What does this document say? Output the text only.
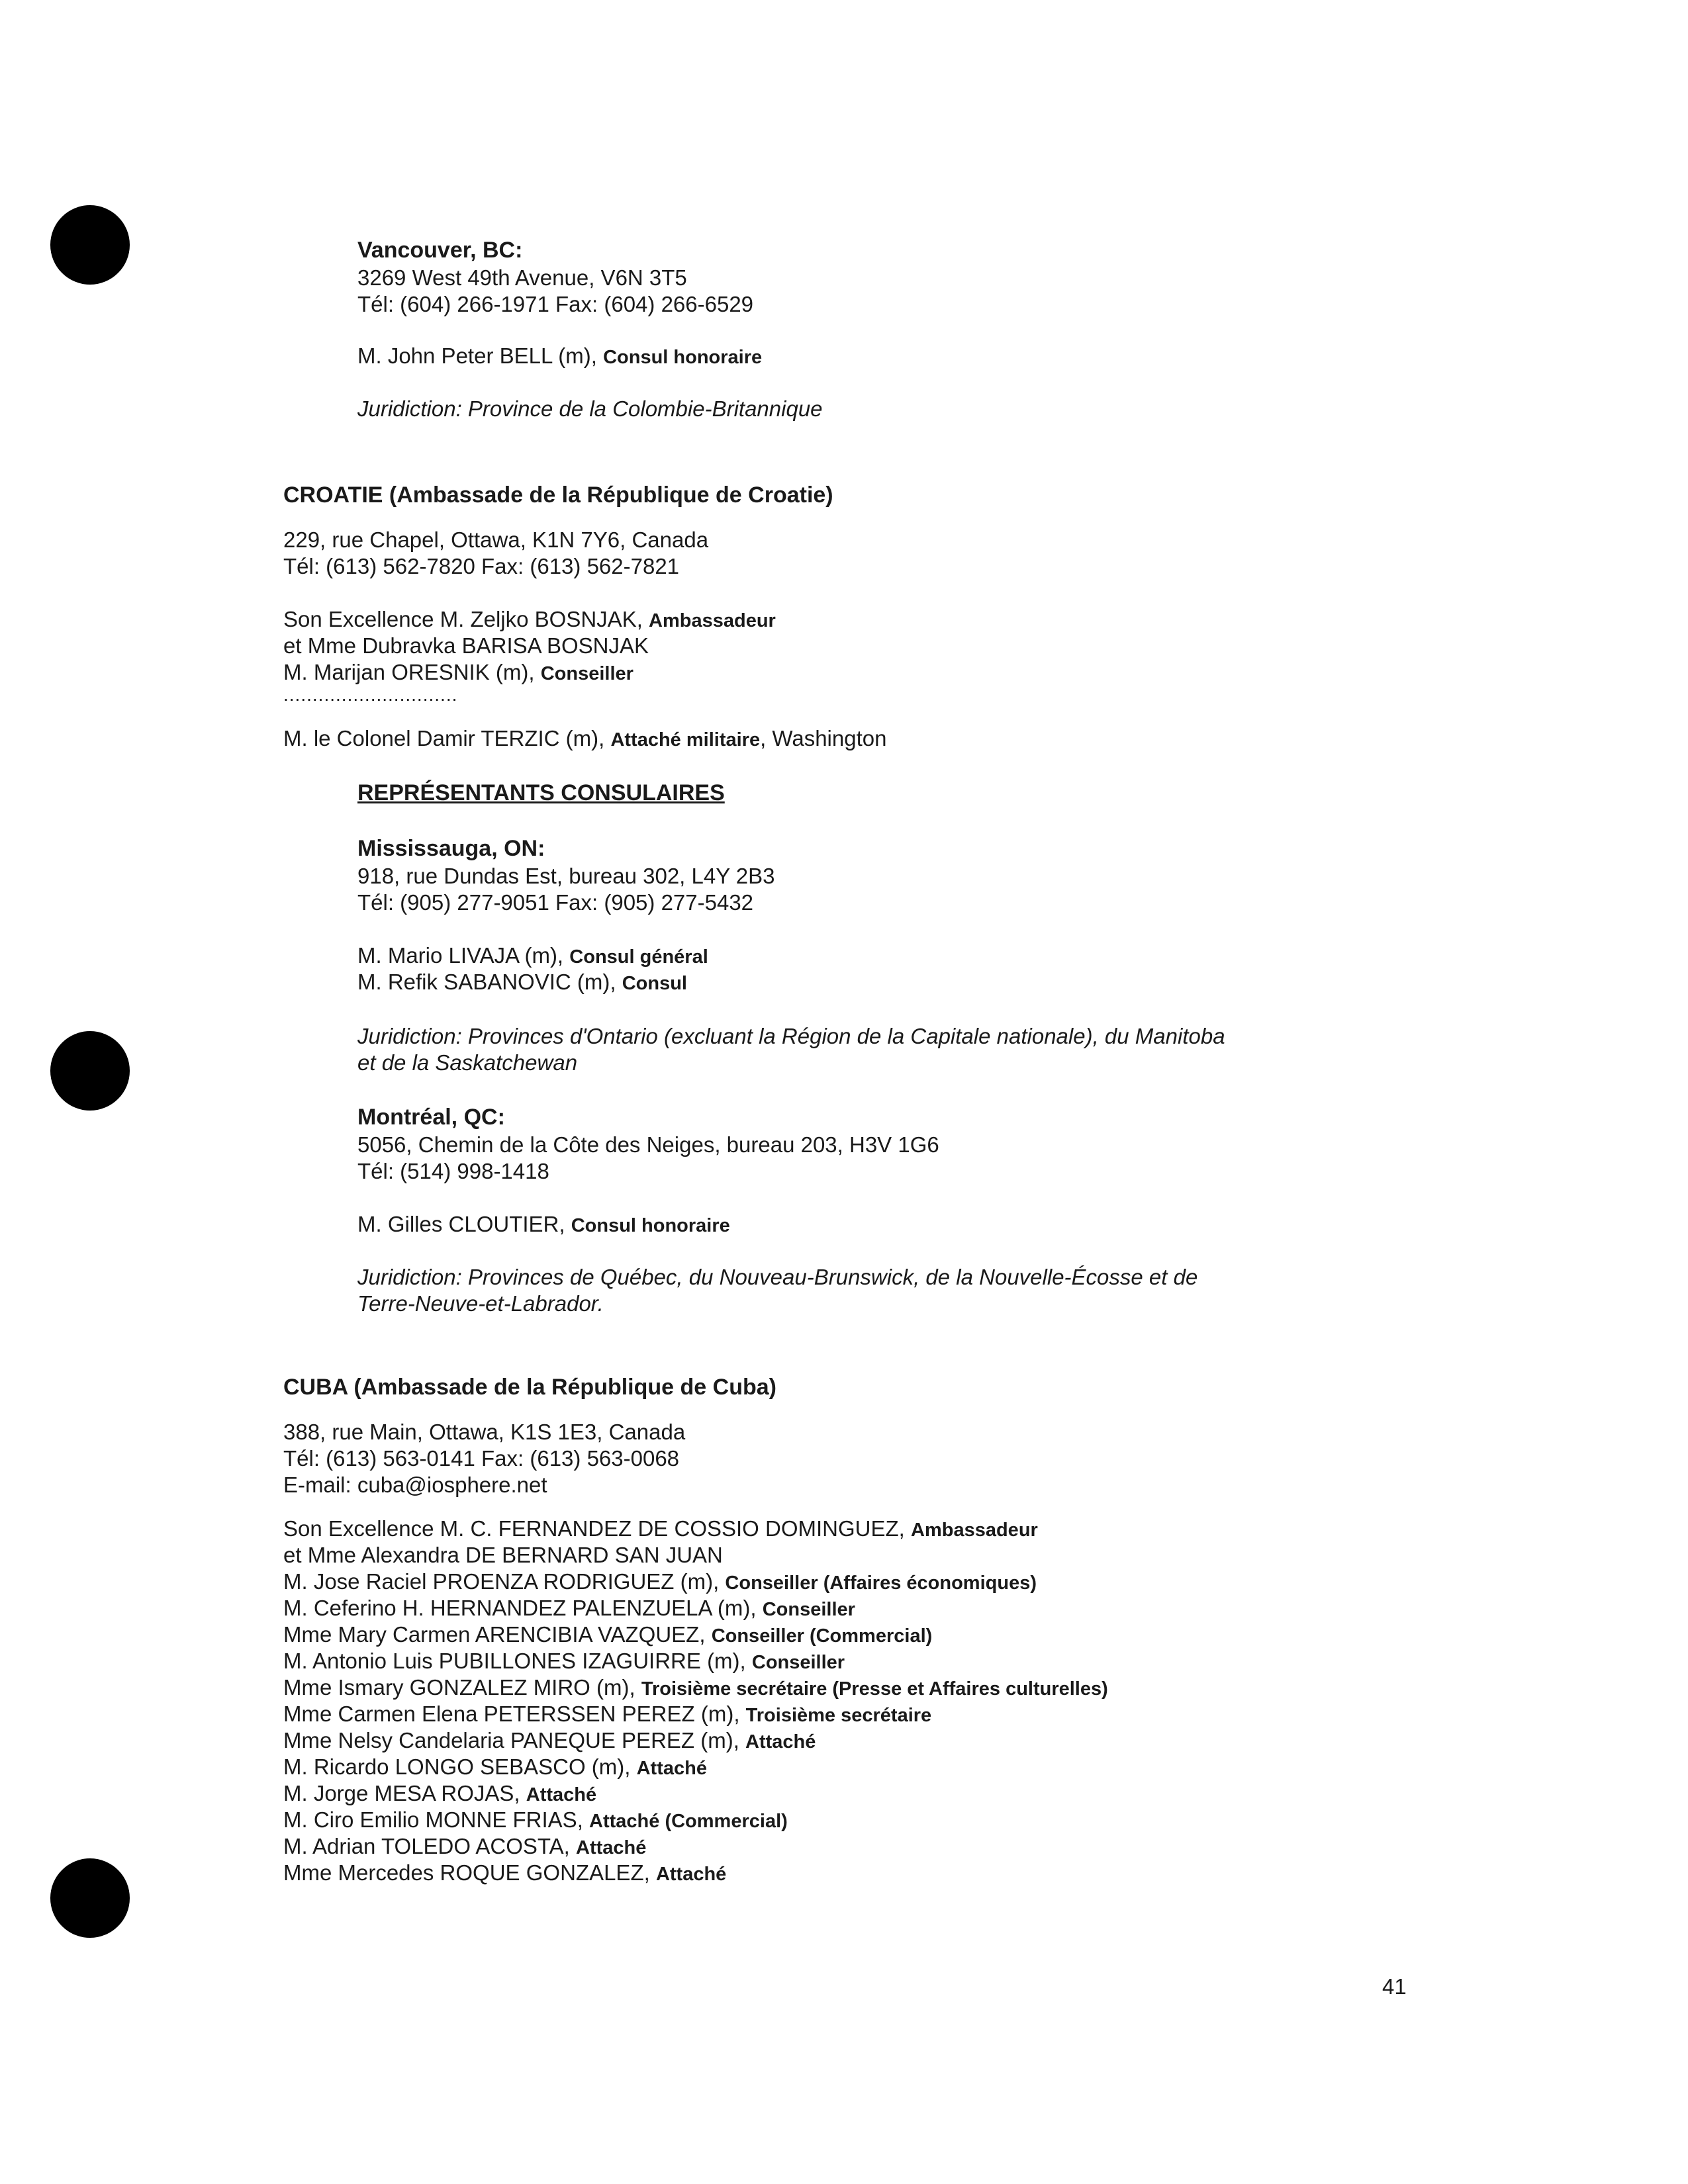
Vancouver, BC:
3269 West 49th Avenue, V6N 3T5
Tél: (604) 266-1971 Fax: (604) 266-6529
M. John Peter BELL (m), Consul honoraire
Juridiction: Province de la Colombie-Britannique
CROATIE (Ambassade de la République de Croatie)
229, rue Chapel, Ottawa, K1N 7Y6, Canada
Tél: (613) 562-7820 Fax: (613) 562-7821
Son Excellence M. Zeljko BOSNJAK, Ambassadeur
et Mme Dubravka BARISA BOSNJAK
M. Marijan ORESNIK (m), Conseiller
..............................
M. le Colonel Damir TERZIC (m), Attaché militaire, Washington
REPRÉSENTANTS CONSULAIRES
Mississauga, ON:
918, rue Dundas Est, bureau 302, L4Y 2B3
Tél: (905) 277-9051 Fax: (905) 277-5432
M. Mario LIVAJA (m), Consul général
M. Refik SABANOVIC (m), Consul
Juridiction: Provinces d'Ontario (excluant la Région de la Capitale nationale), du Manitoba
et de la Saskatchewan
Montréal, QC:
5056, Chemin de la Côte des Neiges, bureau 203, H3V 1G6
Tél: (514) 998-1418
M. Gilles CLOUTIER, Consul honoraire
Juridiction: Provinces de Québec, du Nouveau-Brunswick, de la Nouvelle-Écosse et de
Terre-Neuve-et-Labrador.
CUBA (Ambassade de la République de Cuba)
388, rue Main, Ottawa, K1S 1E3, Canada
Tél: (613) 563-0141 Fax: (613) 563-0068
E-mail: cuba@iosphere.net
Son Excellence M. C. FERNANDEZ DE COSSIO DOMINGUEZ, Ambassadeur
et Mme Alexandra DE BERNARD SAN JUAN
M. Jose Raciel PROENZA RODRIGUEZ (m), Conseiller (Affaires économiques)
M. Ceferino H. HERNANDEZ PALENZUELA (m), Conseiller
Mme Mary Carmen ARENCIBIA VAZQUEZ, Conseiller (Commercial)
M. Antonio Luis PUBILLONES IZAGUIRRE (m), Conseiller
Mme Ismary GONZALEZ MIRO (m), Troisième secrétaire (Presse et Affaires culturelles)
Mme Carmen Elena PETERSSEN PEREZ (m), Troisième secrétaire
Mme Nelsy Candelaria PANEQUE PEREZ (m), Attaché
M. Ricardo LONGO SEBASCO (m), Attaché
M. Jorge MESA ROJAS, Attaché
M. Ciro Emilio MONNE FRIAS, Attaché (Commercial)
M. Adrian TOLEDO ACOSTA, Attaché
Mme Mercedes ROQUE GONZALEZ, Attaché
41
